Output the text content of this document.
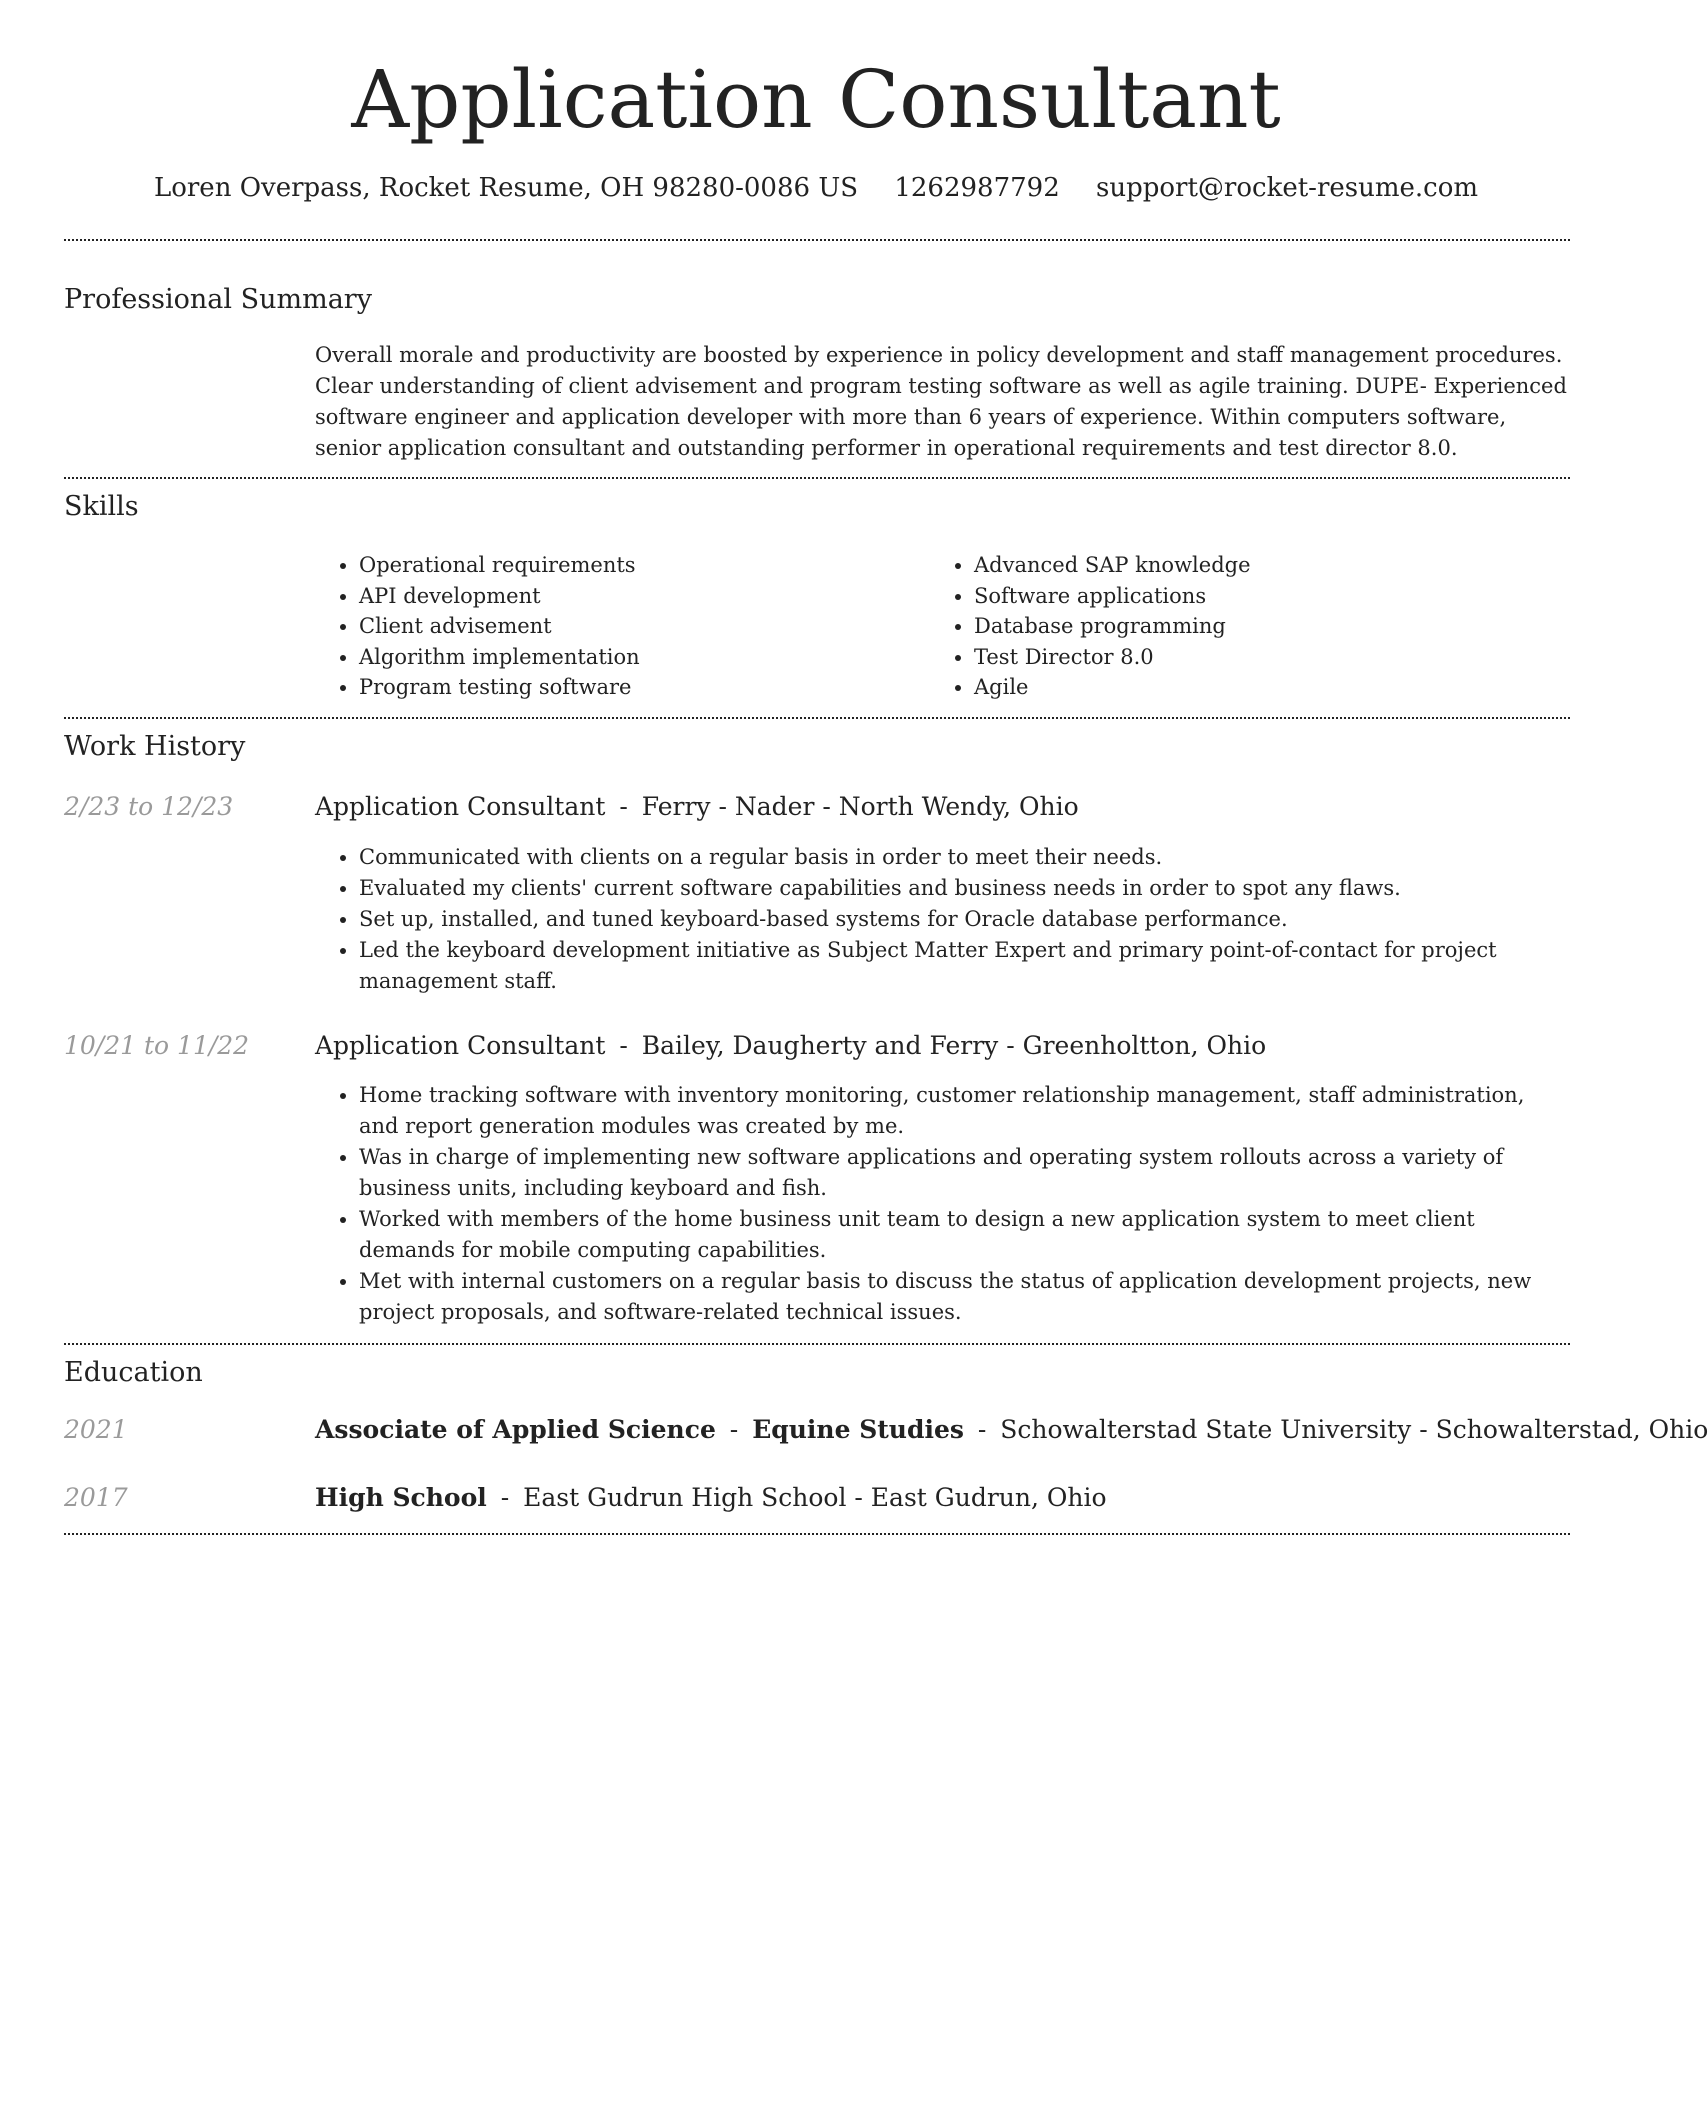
Application Consultant
Loren Overpass, Rocket Resume, OH 98280-0086 US 1262987792 support@rocket-resume.com
Professional Summary

Overall morale and productivity are boosted by experience in policy development and staff management procedures. Clear understanding of client advisement and program testing software as well as agile training. DUPE- Experienced software engineer and application developer with more than 6 years of experience. Within computers software, senior application consultant and outstanding performer in operational requirements and test director 8.0.

Skills
• Operational requirements
• API development
• Client advisement
• Algorithm implementation
• Program testing software
• Advanced SAP knowledge
• Software applications
• Database programming
• Test Director 8.0
• Agile
Work History
2/23 to 12/23	Application Consultant - Ferry - Nader - North Wendy, Ohio
• Communicated with clients on a regular basis in order to meet their needs.
• Evaluated my clients' current software capabilities and business needs in order to spot any flaws.
• Set up, installed, and tuned keyboard-based systems for Oracle database performance.
• Led the keyboard development initiative as Subject Matter Expert and primary point-of-contact for project management staff.
10/21 to 11/22	Application Consultant - Bailey, Daugherty and Ferry - Greenholtton, Ohio
• Home tracking software with inventory monitoring, customer relationship management, staff administration, and report generation modules was created by me.
• Was in charge of implementing new software applications and operating system rollouts across a variety of business units, including keyboard and fish.
• Worked with members of the home business unit team to design a new application system to meet client demands for mobile computing capabilities.
• Met with internal customers on a regular basis to discuss the status of application development projects, new project proposals, and software-related technical issues.
Education
2021	Associate of Applied Science - Equine Studies - Schowalterstad State University - Schowalterstad, Ohio
2017	High School - East Gudrun High School - East Gudrun, Ohio
